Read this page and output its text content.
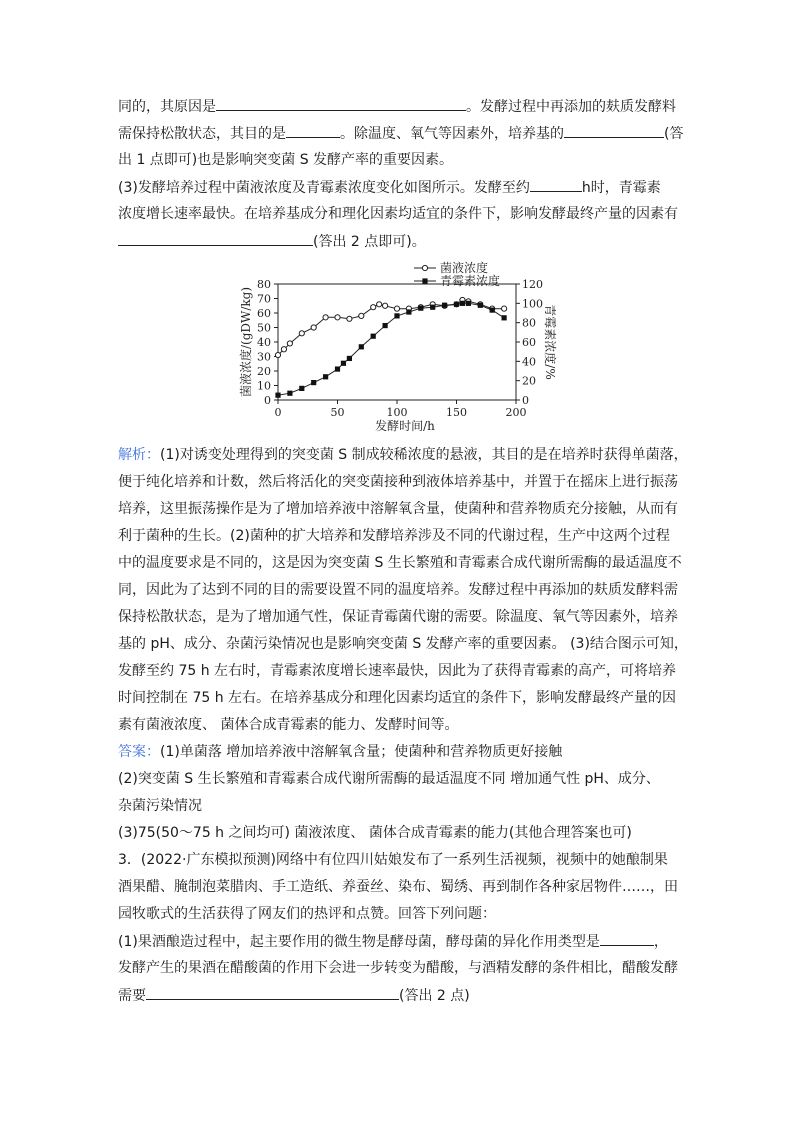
同的，其原因是	。发酵过程中再添加的麸质发酵料
需保持松散状态，其目的是	。除温度、氧气等因素外，培养基的	(答
出 1 点即可)也是影响突变菌 S 发酵产率的重要因素。
(3)发酵培养过程中菌液浓度及青霉素浓度变化如图所示。发酵至约	h时，青霉素
浓度增长速率最快。在培养基成分和理化因素均适宜的条件下，影响发酵最终产量的因素有
(答出 2 点即可)。
0	50	100	150	200
0
10
20
30
40
50
60
70
80
0
20
40
60
80
100
120
发酵时间/h
菌液浓度/(gDW/kg)	青霉素浓度/%
菌液浓度
青霉素浓度
解析：(1)对诱变处理得到的突变菌 S 制成较稀浓度的悬液，其目的是在培养时获得单菌落，
便于纯化培养和计数，然后将活化的突变菌接种到液体培养基中，并置于在摇床上进行振荡
培养，这里振荡操作是为了增加培养液中溶解氧含量，使菌种和营养物质充分接触，从而有
利于菌种的生长。(2)菌种的扩大培养和发酵培养涉及不同的代谢过程，生产中这两个过程
中的温度要求是不同的，这是因为突变菌 S 生长繁殖和青霉素合成代谢所需酶的最适温度不
同，因此为了达到不同的目的需要设置不同的温度培养。发酵过程中再添加的麸质发酵料需
保持松散状态，是为了增加通气性，保证青霉菌代谢的需要。除温度、氧气等因素外，培养
基的 pH、成分、杂菌污染情况也是影响突变菌 S 发酵产率的重要因素。 (3)结合图示可知，
发酵至约 75 h 左右时，青霉素浓度增长速率最快，因此为了获得青霉素的高产，可将培养
时间控制在 75 h 左右。在培养基成分和理化因素均适宜的条件下，影响发酵最终产量的因
素有菌液浓度、 菌体合成青霉素的能力、发酵时间等。
答案：(1)单菌落 增加培养液中溶解氧含量；使菌种和营养物质更好接触
(2)突变菌 S 生长繁殖和青霉素合成代谢所需酶的最适温度不同 增加通气性 pH、成分、
杂菌污染情况
(3)75(50～75 h 之间均可) 菌液浓度、 菌体合成青霉素的能力(其他合理答案也可)
3．(2022·广东模拟预测)网络中有位四川姑娘发布了一系列生活视频，视频中的她酿制果
酒果醋、腌制泡菜腊肉、手工造纸、养蚕丝、染布、蜀绣、再到制作各种家居物件……，田
园牧歌式的生活获得了网友们的热评和点赞。回答下列问题：
(1)果酒酿造过程中，起主要作用的微生物是酵母菌，酵母菌的异化作用类型是	，
发酵产生的果酒在醋酸菌的作用下会进一步转变为醋酸，与酒精发酵的条件相比，醋酸发酵
需要	(答出 2 点)
